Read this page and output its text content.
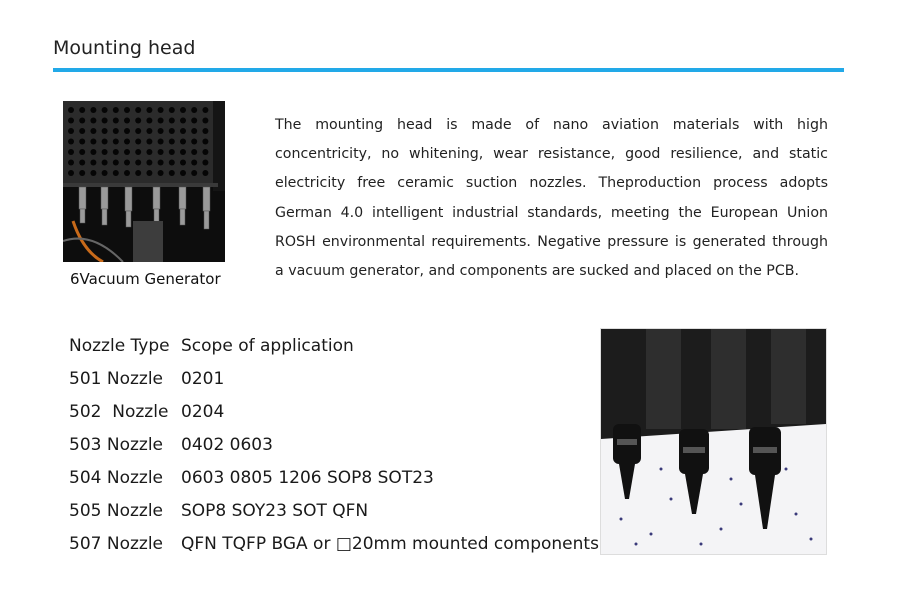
Mounting head
6Vacuum Generator
The mounting head is made of nano aviation materials with high concentricity, no whitening, wear resistance, good resilience, and static electricity free ceramic suction nozzles. Theproduction process adopts German 4.0 intelligent industrial standards, meeting the European Union ROSH environmental requirements. Negative pressure is generated through a vacuum generator, and components are sucked and placed on the PCB.
Nozzle Type	Scope of application
501 Nozzle	0201
502  Nozzle	0204
503 Nozzle	0402 0603
504 Nozzle	0603 0805 1206 SOP8 SOT23
505 Nozzle	SOP8 SOY23 SOT QFN
507 Nozzle	QFN TQFP BGA or □20mm mounted components
